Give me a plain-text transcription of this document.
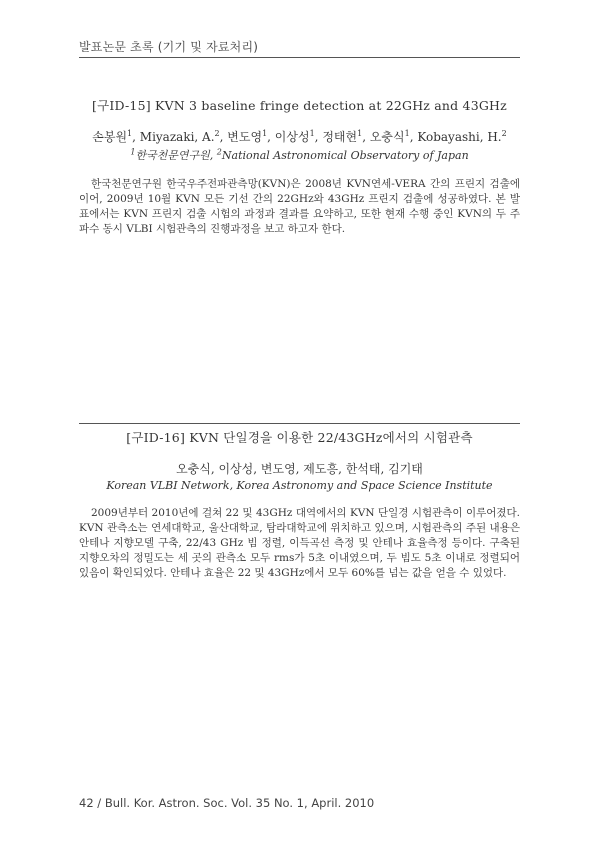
발표논문 초록 (기기 및 자료처리)
[구ID-15] KVN 3 baseline fringe detection at 22GHz and 43GHz
손봉원$^1$, Miyazaki, A.$^2$, 변도영$^1$, 이상성$^1$, 정태현$^1$, 오충식$^1$, Kobayashi, H.$^2$
$^1$한국천문연구원, $^2$National Astronomical Observatory of Japan
한국천문연구원 한국우주전파관측망(KVN)은 2008년 KVN연세-VERA 간의 프린지 검출에 이어, 2009년 10월 KVN 모든 기선 간의 22GHz와 43GHz 프린지 검출에 성공하였다. 본 발표에서는 KVN 프린지 검출 시험의 과정과 결과를 요약하고, 또한 현재 수행 중인 KVN의 두 주파수 동시 VLBI 시험관측의 진행과정을 보고 하고자 한다.
[구ID-16] KVN 단일경을 이용한 22/43GHz에서의 시험관측
오충식, 이상성, 변도영, 제도흥, 한석태, 김기태
Korean VLBI Network, Korea Astronomy and Space Science Institute
2009년부터 2010년에 걸쳐 22 및 43GHz 대역에서의 KVN 단일경 시험관측이 이루어졌다. KVN 관측소는 연세대학교, 울산대학교, 탐라대학교에 위치하고 있으며, 시험관측의 주된 내용은 안테나 지향모델 구축, 22/43 GHz 빔 정렬, 이득곡선 측정 및 안테나 효율측정 등이다. 구축된 지향오차의 정밀도는 세 곳의 관측소 모두 rms가 5초 이내였으며, 두 빔도 5초 이내로 정렬되어 있음이 확인되었다. 안테나 효율은 22 및 43GHz에서 모두 60%를 넘는 값을 얻을 수 있었다.
42 / Bull. Kor. Astron. Soc. Vol. 35 No. 1, April. 2010
